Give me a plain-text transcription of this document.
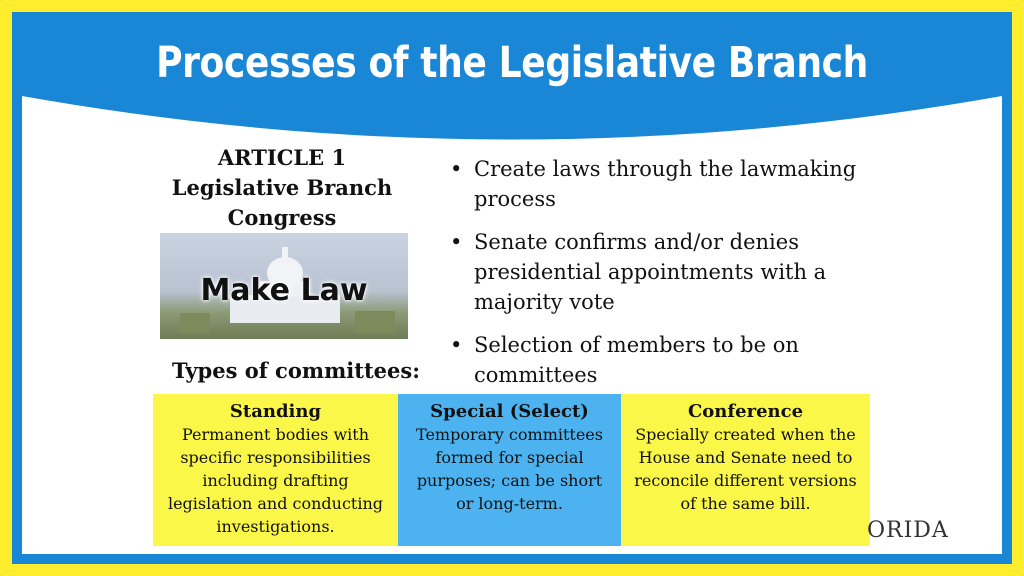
Processes of the Legislative Branch
ARTICLE 1
Legislative Branch
Congress
Make Law
Types of committees:
• Create laws through the lawmaking process
• Senate confirms and/or denies presidential appointments with a majority vote
• Selection of members to be on committees
Standing
Permanent bodies with specific responsibilities including drafting legislation and conducting investigations.
Special (Select)
Temporary committees formed for special purposes; can be short or long-term.
Conference
Specially created when the House and Senate need to reconcile different versions of the same bill.
ORIDA
